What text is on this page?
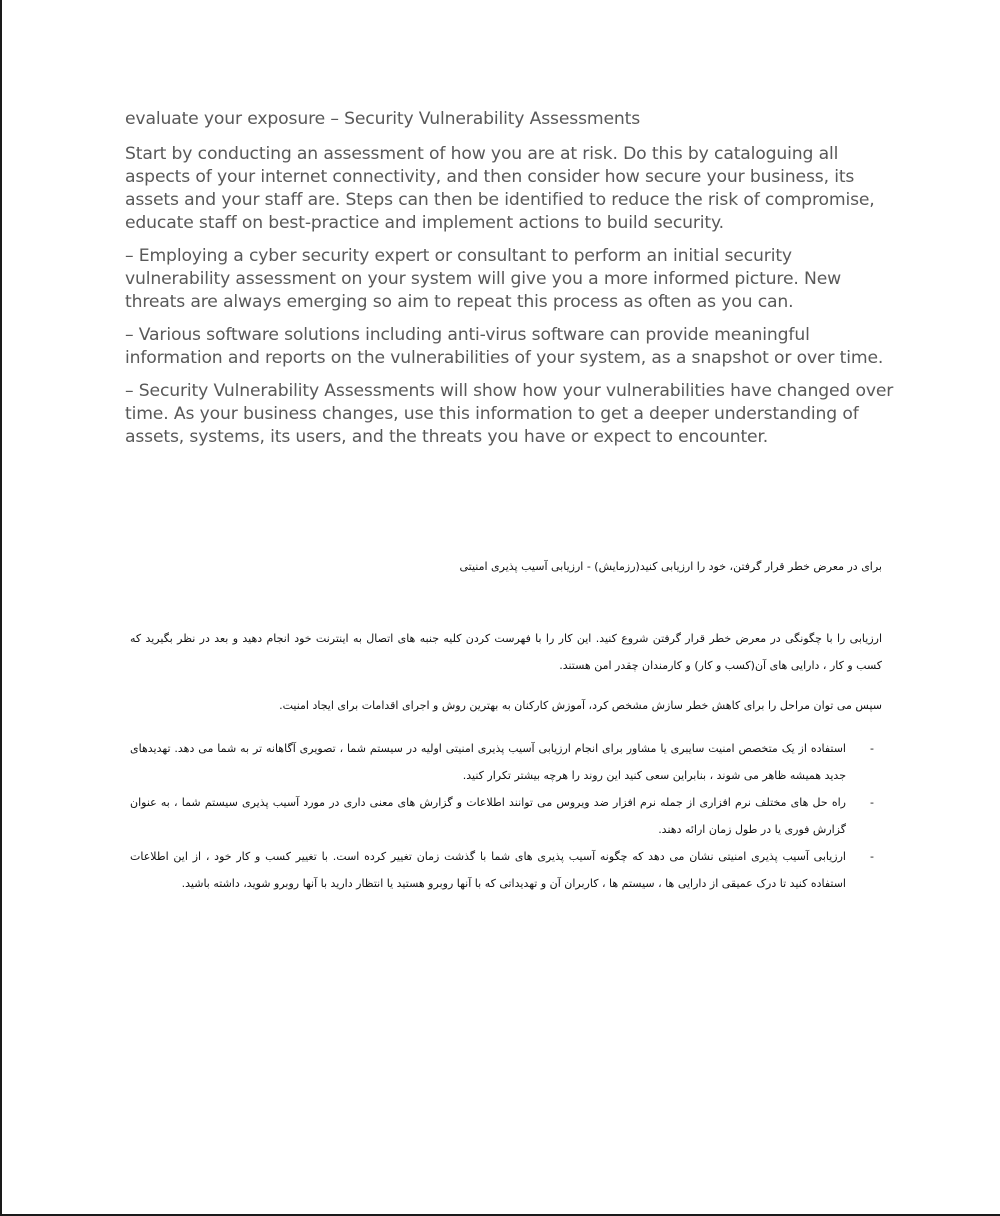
evaluate your exposure – Security Vulnerability Assessments

Start by conducting an assessment of how you are at risk. Do this by cataloguing all aspects of your internet connectivity, and then consider how secure your business, its assets and your staff are. Steps can then be identified to reduce the risk of compromise, educate staff on best-practice and implement actions to build security.

– Employing a cyber security expert or consultant to perform an initial security vulnerability assessment on your system will give you a more informed picture. New threats are always emerging so aim to repeat this process as often as you can.

– Various software solutions including anti-virus software can provide meaningful information and reports on the vulnerabilities of your system, as a snapshot or over time.

– Security Vulnerability Assessments will show how your vulnerabilities have changed over time. As your business changes, use this information to get a deeper understanding of assets, systems, its users, and the threats you have or expect to encounter.

برای در معرض خطر قرار گرفتن، خود را ارزیابی کنید(رزمایش) - ارزیابی آسیب پذیری امنیتی
ارزیابی را با چگونگی در معرض خطر قرار گرفتن شروع کنید. این کار را با فهرست کردن کلیه جنبه های اتصال به اینترنت خود انجام دهید و بعد در نظر بگیرید که کسب و کار ، دارایی های آن(کسب و کار) و کارمندان چقدر امن هستند.
سپس می توان مراحل را برای کاهش خطر سازش مشخص کرد، آموزش کارکنان به بهترین روش و اجرای اقدامات برای ایجاد امنیت.
-
استفاده از یک متخصص امنیت سایبری یا مشاور برای انجام ارزیابی آسیب پذیری امنیتی اولیه در سیستم شما ، تصویری آگاهانه تر به شما می دهد. تهدیدهای جدید همیشه ظاهر می شوند ، بنابراین سعی کنید این روند را هرچه بیشتر تکرار کنید.
-
راه حل های مختلف نرم افزاری از جمله نرم افزار ضد ویروس می توانند اطلاعات و گزارش های معنی داری در مورد آسیب پذیری سیستم شما ، به عنوان گزارش فوری یا در طول زمان ارائه دهند.
-
ارزیابی آسیب پذیری امنیتی نشان می دهد که چگونه آسیب پذیری های شما با گذشت زمان تغییر کرده است. با تغییر کسب و کار خود ، از این اطلاعات استفاده کنید تا درک عمیقی از دارایی ها ، سیستم ها ، کاربران آن و تهدیداتی که با آنها روبرو هستید یا انتظار دارید با آنها روبرو شوید، داشته باشید.
